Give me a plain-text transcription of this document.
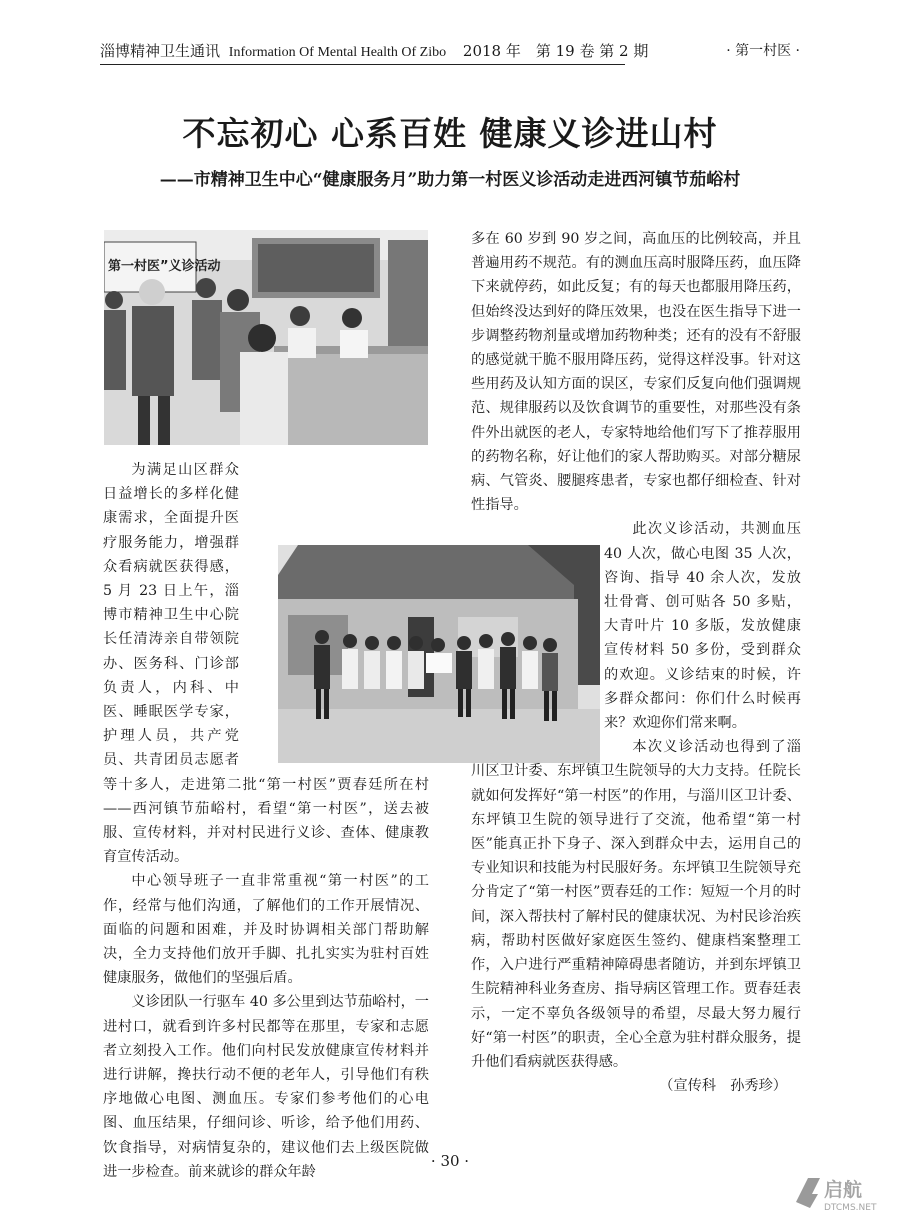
淄博精神卫生通讯 Information Of Mental Health Of Zibo 2018 年　第 19 卷 第 2 期	· 第一村医 ·
不忘初心 心系百姓 健康义诊进山村
——市精神卫生中心“健康服务月”助力第一村医义诊活动走进西河镇节茄峪村
第一村医”义诊活动

为满足山区群众日益增长的多样化健康需求，全面提升医疗服务能力，增强群众看病就医获得感，5 月 23 日上午，淄博市精神卫生中心院长任清涛亲自带领院办、医务科、门诊部负责人，内科、中医、睡眠医学专家，护理人员，共产党员、共青团员志愿者等十多人，走进第二批“第一村医”贾春廷所在村——西河镇节茄峪村，看望“第一村医”，送去被服、宣传材料，并对村民进行义诊、查体、健康教育宣传活动。

中心领导班子一直非常重视“第一村医”的工作，经常与他们沟通，了解他们的工作开展情况、面临的问题和困难，并及时协调相关部门帮助解决，全力支持他们放开手脚、扎扎实实为驻村百姓健康服务，做他们的坚强后盾。

义诊团队一行驱车 40 多公里到达节茄峪村，一进村口，就看到许多村民都等在那里，专家和志愿者立刻投入工作。他们向村民发放健康宣传材料并进行讲解，搀扶行动不便的老年人，引导他们有秩序地做心电图、测血压。专家们参考他们的心电图、血压结果，仔细问诊、听诊，给予他们用药、饮食指导，对病情复杂的，建议他们去上级医院做进一步检查。前来就诊的群众年龄

多在 60 岁到 90 岁之间，高血压的比例较高，并且普遍用药不规范。有的测血压高时服降压药，血压降下来就停药，如此反复；有的每天也都服用降压药，但始终没达到好的降压效果，也没在医生指导下进一步调整药物剂量或增加药物种类；还有的没有不舒服的感觉就干脆不服用降压药，觉得这样没事。针对这些用药及认知方面的误区，专家们反复向他们强调规范、规律服药以及饮食调节的重要性，对那些没有条件外出就医的老人，专家特地给他们写下了推荐服用的药物名称，好让他们的家人帮助购买。对部分糖尿病、气管炎、腰腿疼患者，专家也都仔细检查、针对性指导。

此次义诊活动，共测血压 40 人次，做心电图 35 人次，咨询、指导 40 余人次，发放壮骨膏、创可贴各 50 多贴，大青叶片 10 多版，发放健康宣传材料 50 多份，受到群众的欢迎。义诊结束的时候，许多群众都问：你们什么时候再来？欢迎你们常来啊。

本次义诊活动也得到了淄川区卫计委、东坪镇卫生院领导的大力支持。任院长就如何发挥好“第一村医”的作用，与淄川区卫计委、东坪镇卫生院的领导进行了交流，他希望“第一村医”能真正扑下身子、深入到群众中去，运用自己的专业知识和技能为村民服好务。东坪镇卫生院领导充分肯定了“第一村医”贾春廷的工作：短短一个月的时间，深入帮扶村了解村民的健康状况、为村民诊治疾病，帮助村医做好家庭医生签约、健康档案整理工作，入户进行严重精神障碍患者随访，并到东坪镇卫生院精神科业务查房、指导病区管理工作。贾春廷表示，一定不辜负各级领导的希望，尽最大努力履行好“第一村医”的职责，全心全意为驻村群众服务，提升他们看病就医获得感。

（宣传科　孙秀珍）

· 30 ·
启航
DTCMS.NET
